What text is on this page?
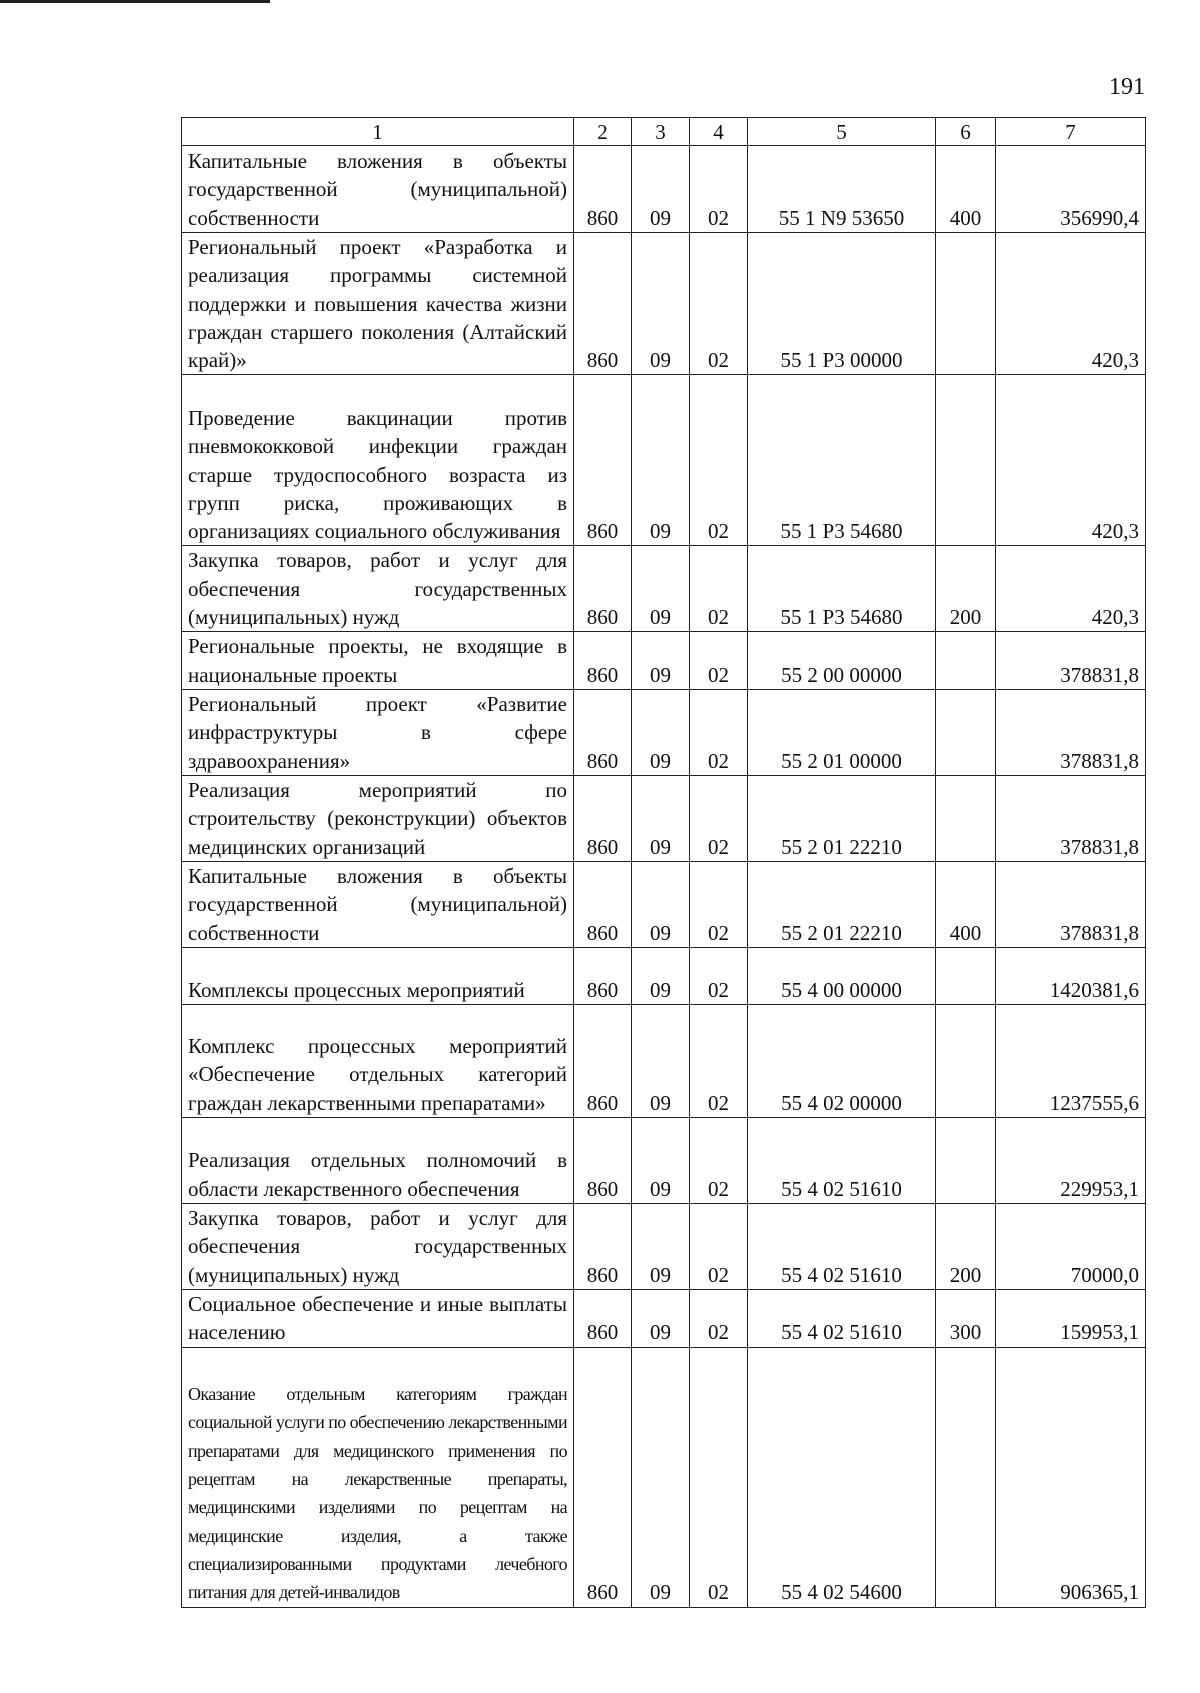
191
1	2	3	4	5	6	7
Капитальные вложения в объекты государственной (муниципальной) собственности	860	09	02	55 1 N9 53650	400	356990,4
Региональный проект «Разработка и реализация программы системной поддержки и повышения качества жизни граждан старшего поколения (Алтайский край)»	860	09	02	55 1 P3 00000		420,3
Проведение вакцинации против пневмококковой инфекции граждан старше трудоспособного возраста из групп риска, проживающих в организациях социального обслуживания	860	09	02	55 1 P3 54680		420,3
Закупка товаров, работ и услуг для обеспечения государственных (муниципальных) нужд	860	09	02	55 1 P3 54680	200	420,3
Региональные проекты, не входящие в национальные проекты	860	09	02	55 2 00 00000		378831,8
Региональный проект «Развитие инфраструктуры в сфере здравоохранения»	860	09	02	55 2 01 00000		378831,8
Реализация мероприятий по строительству (реконструкции) объектов медицинских организаций	860	09	02	55 2 01 22210		378831,8
Капитальные вложения в объекты государственной (муниципальной) собственности	860	09	02	55 2 01 22210	400	378831,8
Комплексы процессных мероприятий	860	09	02	55 4 00 00000		1420381,6
Комплекс процессных мероприятий «Обеспечение отдельных категорий граждан лекарственными препаратами»	860	09	02	55 4 02 00000		1237555,6
Реализация отдельных полномочий в области лекарственного обеспечения	860	09	02	55 4 02 51610		229953,1
Закупка товаров, работ и услуг для обеспечения государственных (муниципальных) нужд	860	09	02	55 4 02 51610	200	70000,0
Социальное обеспечение и иные выплаты населению	860	09	02	55 4 02 51610	300	159953,1
Оказание отдельным категориям граждан социальной услуги по обеспечению лекарственными препаратами для медицинского применения по рецептам на лекарственные препараты, медицинскими изделиями по рецептам на медицинские изделия, а также специализированными продуктами лечебного питания для детей-инвалидов	860	09	02	55 4 02 54600		906365,1
